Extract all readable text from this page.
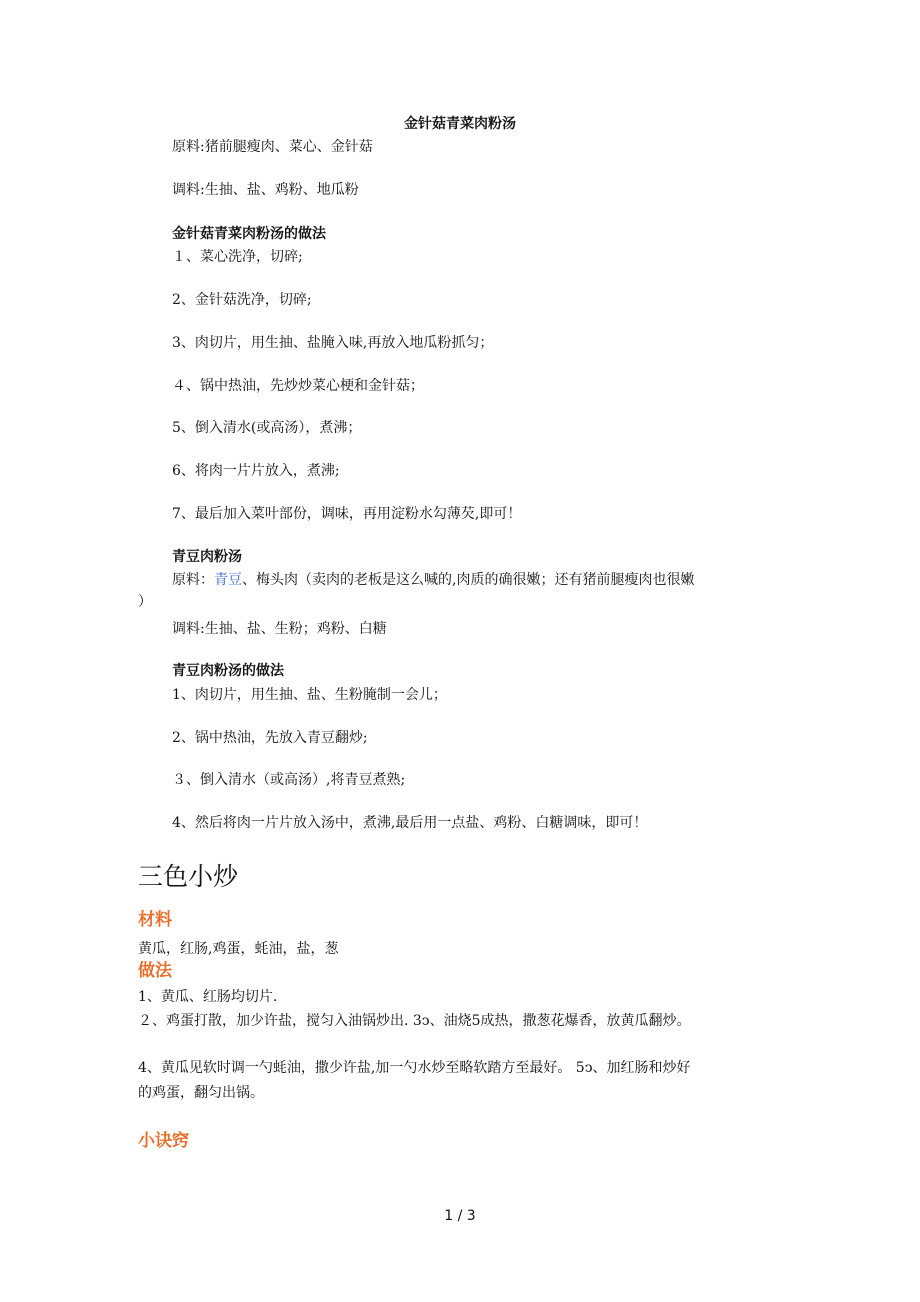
金针菇青菜肉粉汤

原料:猪前腿瘦肉、菜心、金针菇

调料:生抽、盐、鸡粉、地瓜粉

金针菇青菜肉粉汤的做法

１、菜心洗净，切碎;

2、金针菇洗净，切碎;

3、肉切片，用生抽、盐腌入味,再放入地瓜粉抓匀；

４、锅中热油，先炒炒菜心梗和金针菇；

5、倒入清水(或高汤），煮沸；

6、将肉一片片放入，煮沸;

7、最后加入菜叶部份，调味，再用淀粉水勾薄芡,即可！

青豆肉粉汤

原料：青豆、梅头肉（卖肉的老板是这么喊的,肉质的确很嫩；还有猪前腿瘦肉也很嫩

）

调料:生抽、盐、生粉；鸡粉、白糖

青豆肉粉汤的做法

1、肉切片，用生抽、盐、生粉腌制一会儿；

2、锅中热油，先放入青豆翻炒;

３、倒入清水（或高汤）,将青豆煮熟;

4、然后将肉一片片放入汤中，煮沸,最后用一点盐、鸡粉、白糖调味，即可！

三色小炒

材料

黄瓜，红肠,鸡蛋，蚝油，盐，葱

做法

1、黄瓜、红肠均切片.

２、鸡蛋打散，加少许盐，搅匀入油锅炒出. 3ↄ、油烧5成热，撒葱花爆香，放黄瓜翻炒。

4、黄瓜见软时调一勺蚝油，撒少许盐,加一勺水炒至略软踏方至最好。 5ↄ、加红肠和炒好

的鸡蛋，翻匀出锅。

小诀窍

1 / 3
